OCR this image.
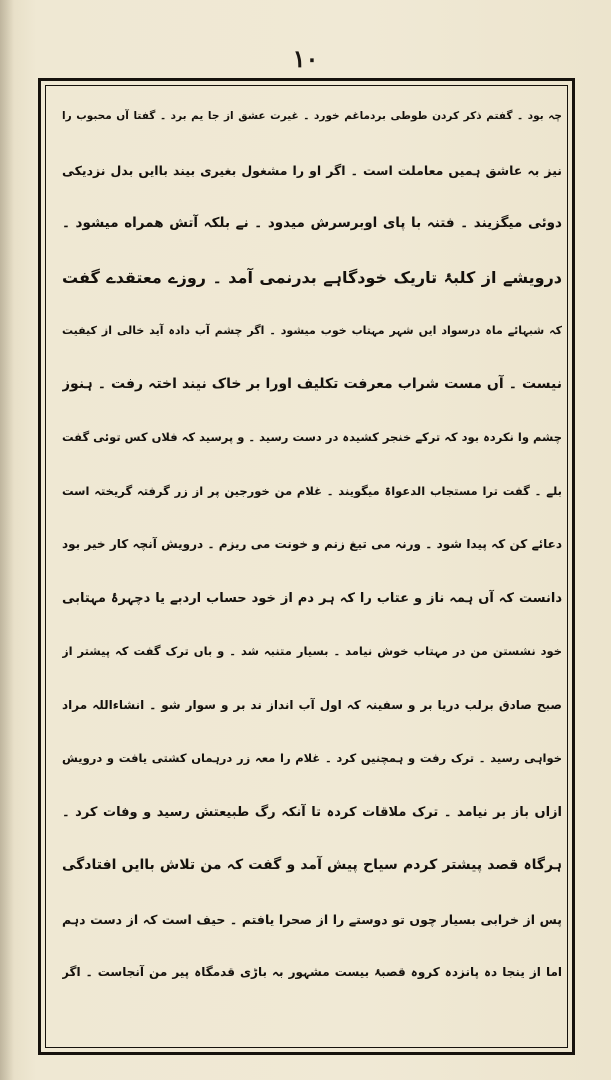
۱۰
چہ بود ۔ گفتم ذکر کردن طوطی بردماغم خورد ۔ غیرت عشق از جا یم برد ۔ گفتا آں محبوب را
نیز بہ عاشق ہمیں معاملت است ۔ اگر او را مشغول بغیری بیند باایں بدل نزدیکی
دوئی میگزیند ۔ فتنہ با پای اوبرسرش میدود ۔ نے بلکہ آتش همراه میشود ۔
درویشے از کلبۂ تاریک خودگاہے بدرنمی آمد ۔ روزے معتقدے گفت
کہ شبہائے ماہ درسواد ایں شہر مہتاب خوب میشود ۔ اگر چشم آب دادہ آید خالی از کیفیت
نیست ۔ آں مست شراب معرفت تکلیف اورا بر خاک نیند اختہ رفت ۔ ہنوز
چشم وا نکردہ بود کہ ترکے خنجر کشیدہ در دست رسید ۔ و پرسید کہ فلاں کس توئی گفت
بلے ۔ گفت ترا مستجاب الدعواۃ میگویند ۔ غلام من خورجین پر از زر گرفتہ گریختہ است
دعائے کن کہ پیدا شود ۔ ورنہ می تیغ زنم و خونت می ریزم ۔ درویش آنچہ کار خیر بود
دانست کہ آں ہمہ ناز و عتاب را کہ ہر دم از خود حساب اردبے یا دچہرۂ مہتابی
خود نشستن من در مہتاب خوش نیامد ۔ بسیار متنبہ شد ۔ و باں ترک گفت کہ پیشتر از
صبح صادق برلب دریا بر و سفینہ کہ اول آب انداز ند بر و سوار شو ۔ انشاءاللہ مراد
خواہی رسید ۔ ترک رفت و ہمچنیں کرد ۔ غلام را معہ زر درہماں کشتی یافت و درویش
ازاں باز بر نیامد ۔ ترک ملاقات کردہ تا آنکہ رگ طبیعتش رسید و وفات کرد ۔
ہرگاہ قصد پیشتر کردم سیاح پیش آمد و گفت کہ من تلاش باایں افتادگی
پس از خرابی بسیار چوں تو دوستے را از صحرا یافتم ۔ حیف است کہ از دست دہم
اما از ینجا دہ پانزدہ کروہ قصبۂ بیست مشہور بہ باڑی قدمگاہ پیر من آنجاست ۔ اگر
